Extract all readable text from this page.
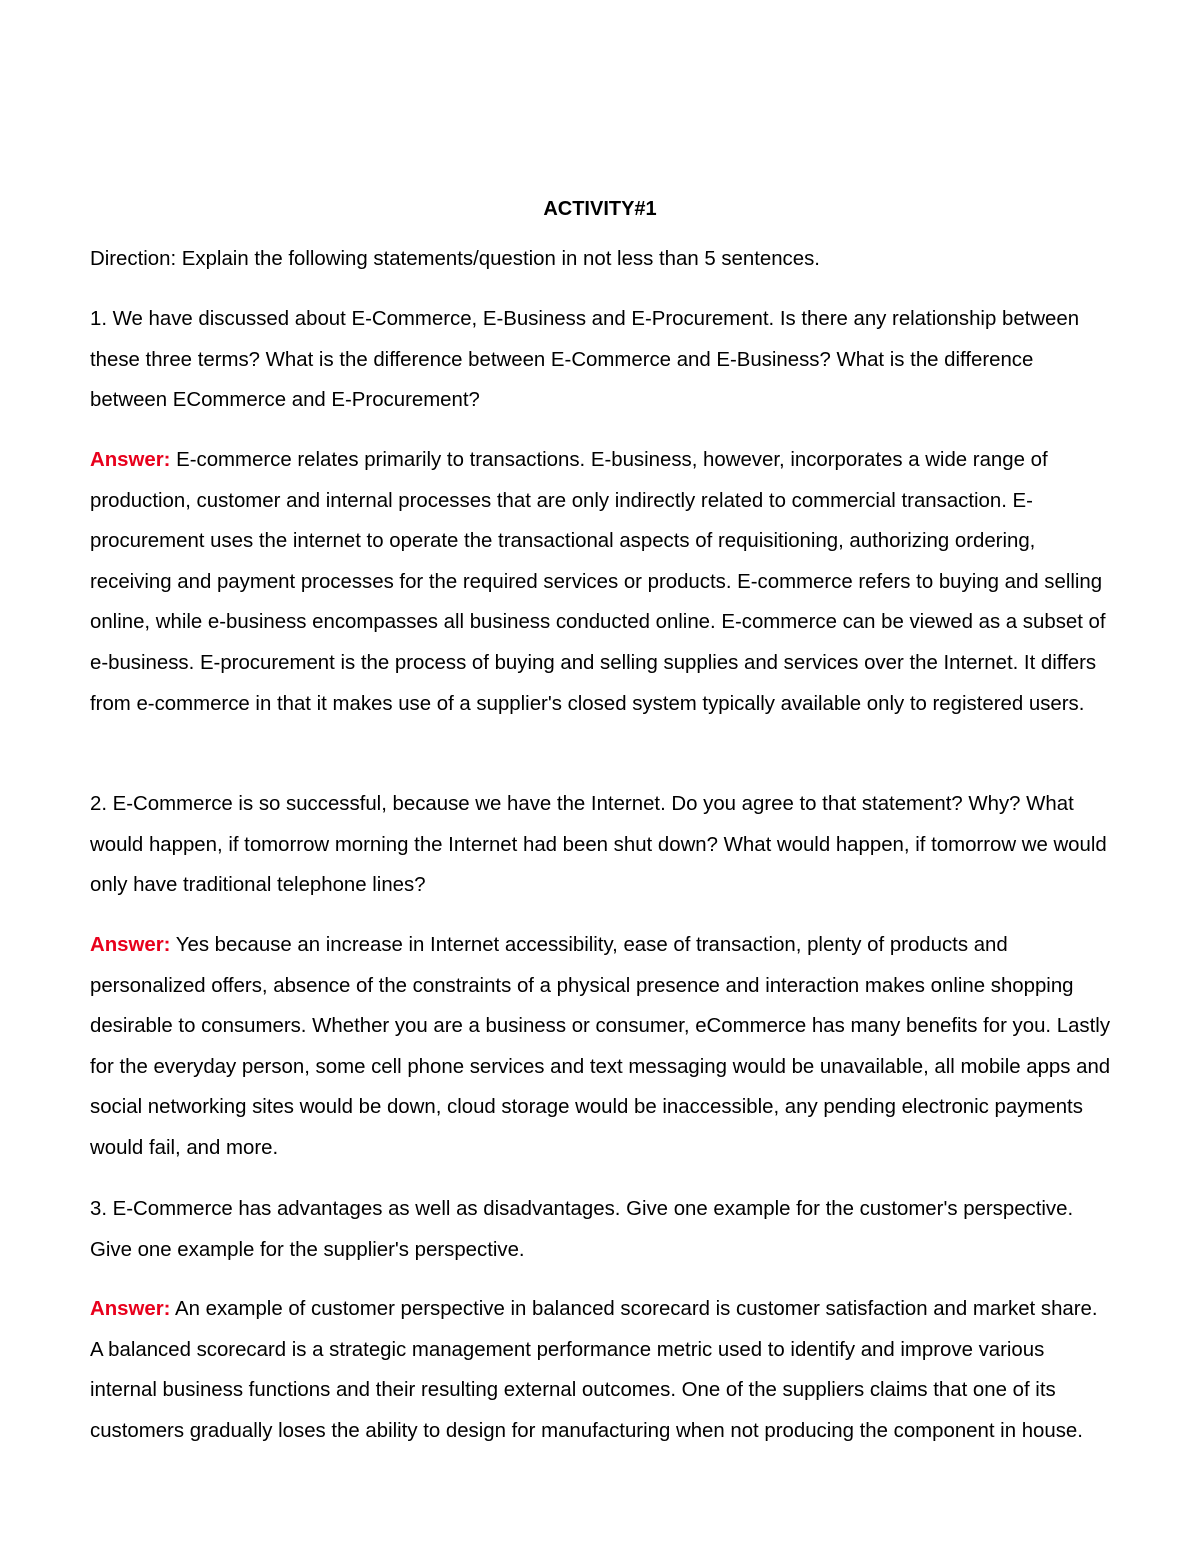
ACTIVITY#1

Direction: Explain the following statements/question in not less than 5 sentences.

1. We have discussed about E-Commerce, E-Business and E-Procurement. Is there any relationship between these three terms? What is the difference between E-Commerce and E-Business? What is the difference between ECommerce and E-Procurement?

Answer: E-commerce relates primarily to transactions. E-business, however, incorporates a wide range of production, customer and internal processes that are only indirectly related to commercial transaction. E-procurement uses the internet to operate the transactional aspects of requisitioning, authorizing ordering, receiving and payment processes for the required services or products. E-commerce refers to buying and selling online, while e-business encompasses all business conducted online. E-commerce can be viewed as a subset of e-business. E-procurement is the process of buying and selling supplies and services over the Internet. It differs from e-commerce in that it makes use of a supplier's closed system typically available only to registered users.

2. E-Commerce is so successful, because we have the Internet. Do you agree to that statement? Why? What would happen, if tomorrow morning the Internet had been shut down? What would happen, if tomorrow we would only have traditional telephone lines?

Answer: Yes because an increase in Internet accessibility, ease of transaction, plenty of products and personalized offers, absence of the constraints of a physical presence and interaction makes online shopping desirable to consumers. Whether you are a business or consumer, eCommerce has many benefits for you. Lastly for the everyday person, some cell phone services and text messaging would be unavailable, all mobile apps and social networking sites would be down, cloud storage would be inaccessible, any pending electronic payments would fail, and more.

3. E-Commerce has advantages as well as disadvantages. Give one example for the customer's perspective. Give one example for the supplier's perspective.

Answer: An example of customer perspective in balanced scorecard is customer satisfaction and market share. A balanced scorecard is a strategic management performance metric used to identify and improve various internal business functions and their resulting external outcomes. One of the suppliers claims that one of its customers gradually loses the ability to design for manufacturing when not producing the component in house.
